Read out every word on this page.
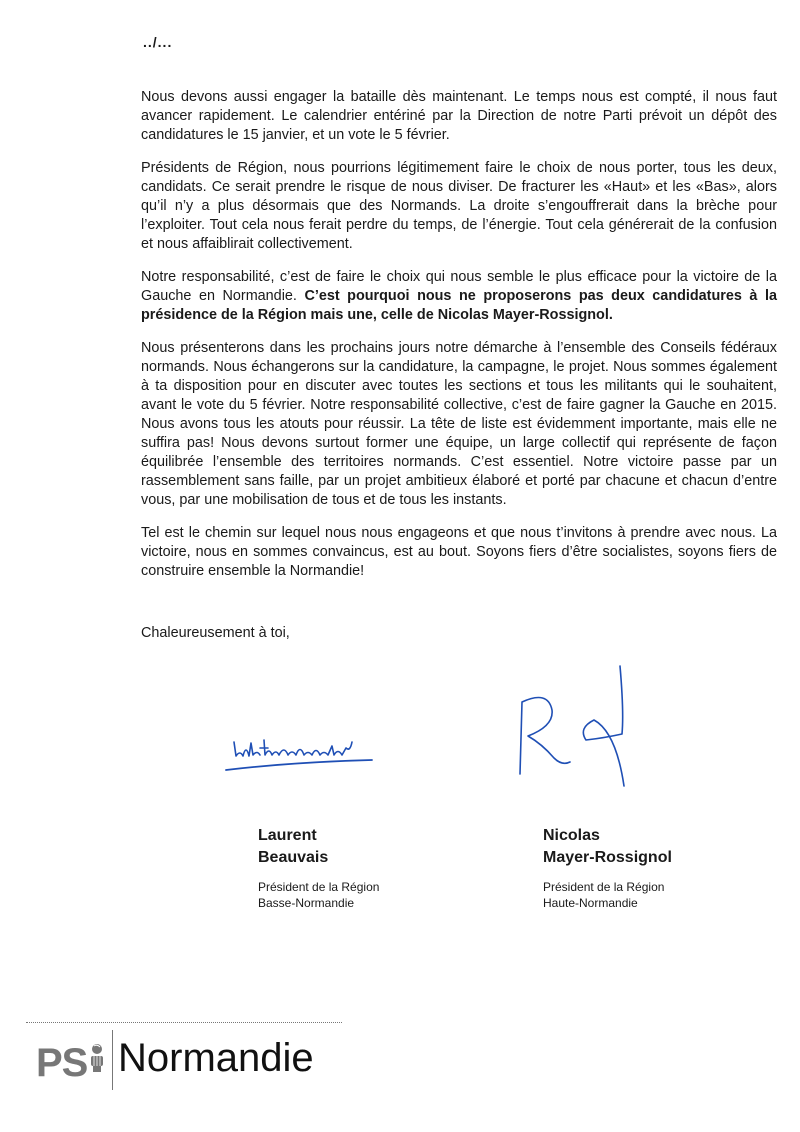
../...

Nous devons aussi engager la bataille dès maintenant. Le temps nous est compté, il nous faut avancer rapidement. Le calendrier entériné par la Direction de notre Parti prévoit un dépôt des candidatures le 15 janvier, et un vote le 5 février.

Présidents de Région, nous pourrions légitimement faire le choix de nous porter, tous les deux, candidats. Ce serait prendre le risque de nous diviser. De fracturer les «Haut» et les «Bas», alors qu’il n’y a plus désormais que des Normands. La droite s’engouffrerait dans la brèche pour l’exploiter. Tout cela nous ferait perdre du temps, de l’énergie. Tout cela générerait de la confusion et nous affaiblirait collectivement.

Notre responsabilité, c’est de faire le choix qui nous semble le plus efficace pour la victoire de la Gauche en Normandie. C’est pourquoi nous ne proposerons pas deux candidatures à la présidence de la Région mais une, celle de Nicolas Mayer-Rossignol.

Nous présenterons dans les prochains jours notre démarche à l’ensemble des Conseils fédéraux normands. Nous échangerons sur la candidature, la campagne, le projet. Nous sommes également à ta disposition pour en discuter avec toutes les sections et tous les militants qui le souhaitent, avant le vote du 5 février. Notre responsabilité collective, c’est de faire gagner la Gauche en 2015. Nous avons tous les atouts pour réussir. La tête de liste est évidemment importante, mais elle ne suffira pas! Nous devons surtout former une équipe, un large collectif qui représente de façon équilibrée l’ensemble des territoires normands. C’est essentiel. Notre victoire passe par un rassemblement sans faille, par un projet ambitieux élaboré et porté par chacune et chacun d’entre vous, par une mobilisation de tous et de tous les instants.

Tel est le chemin sur lequel nous nous engageons et que nous t’invitons à prendre avec nous. La victoire, nous en sommes convaincus, est au bout. Soyons fiers d’être socialistes, soyons fiers de construire ensemble la Normandie!

Chaleureusement à toi,
Laurent
Beauvais
Président de la Région
Basse-Normandie
Nicolas
Mayer-Rossignol
Président de la Région
Haute-Normandie
PS Normandie
